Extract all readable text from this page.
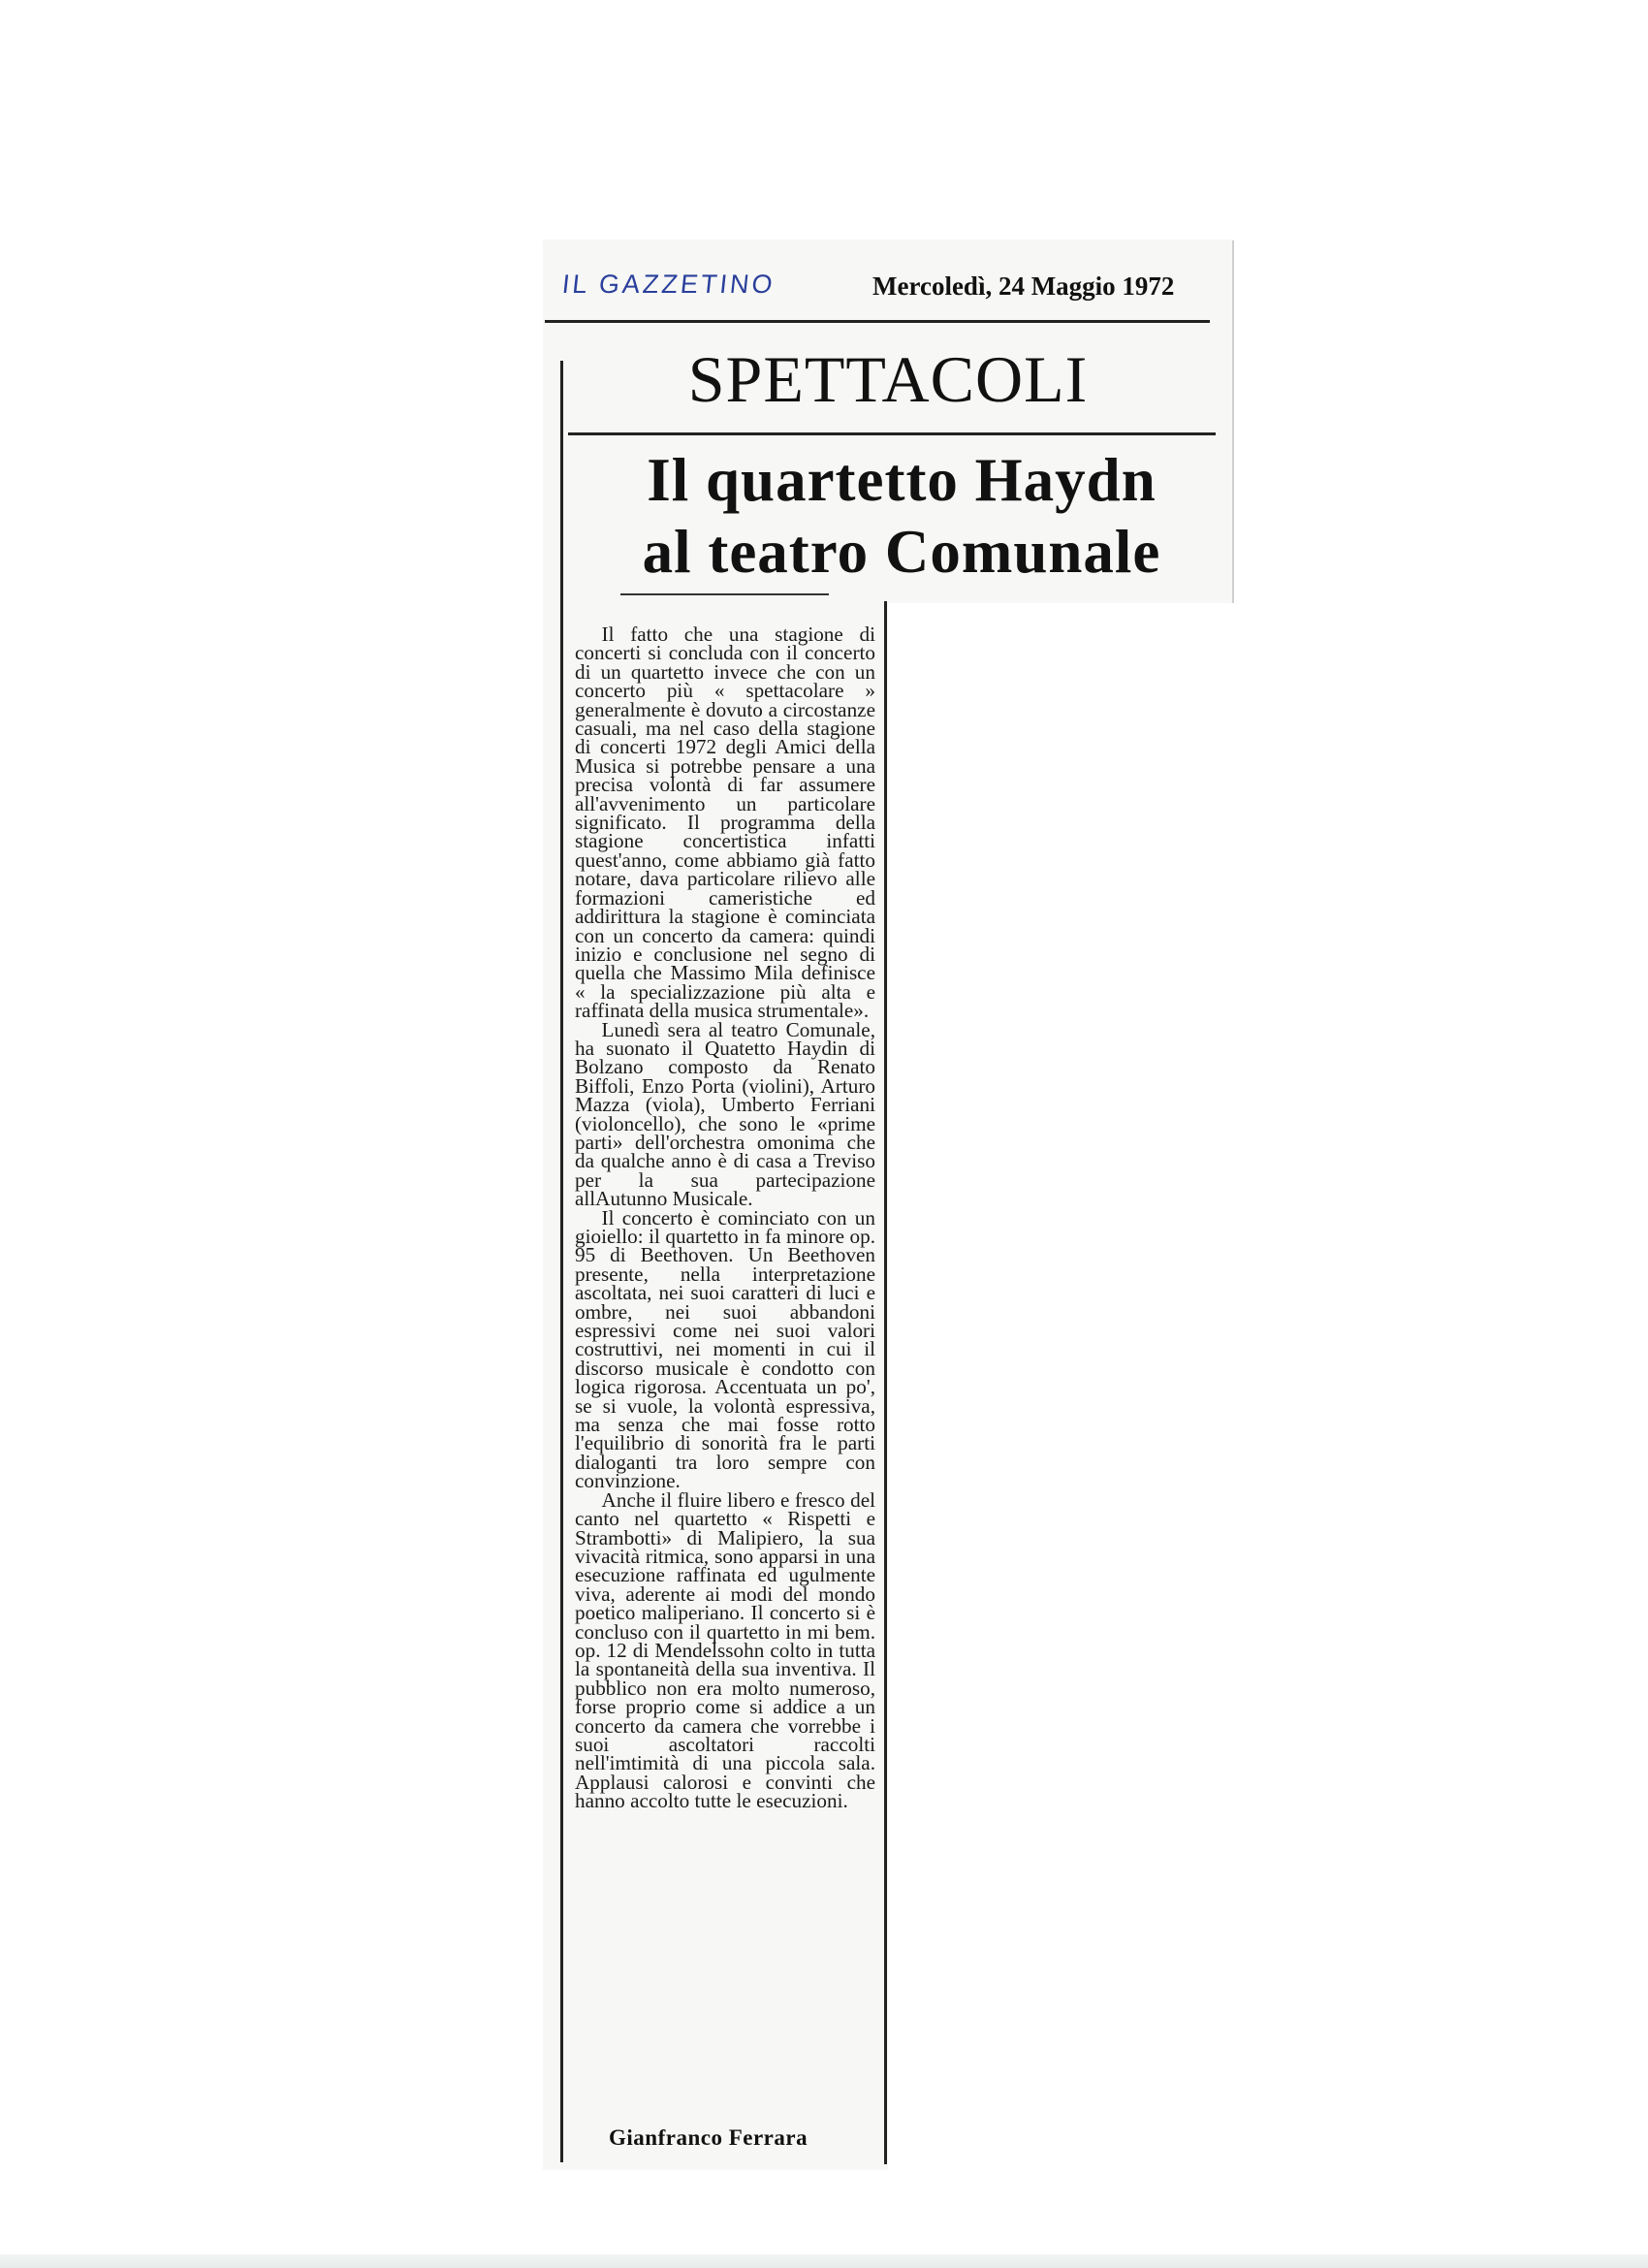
IL GAZZETINO	Mercoledì, 24 Maggio 1972
SPETTACOLI
Il quartetto Haydn
al teatro Comunale

Il fatto che una stagione di concerti si concluda con il concerto di un quartetto invece che con un concerto più « spettacolare » generalmente è dovuto a circostanze casuali, ma nel caso della stagione di concerti 1972 degli Amici della Musica si potrebbe pensare a una precisa volontà di far assumere all'avvenimento un particolare significato. Il programma della stagione concertistica infatti quest'anno, come abbiamo già fatto notare, dava particolare rilievo alle formazioni cameristiche ed addirittura la stagione è cominciata con un concerto da camera: quindi inizio e conclusione nel segno di quella che Massimo Mila definisce « la specializzazione più alta e raffinata della musica strumentale».

Lunedì sera al teatro Comunale, ha suonato il Quatetto Haydin di Bolzano composto da Renato Biffoli, Enzo Porta (violini), Arturo Mazza (viola), Umberto Ferriani (violoncello), che sono le «prime parti» dell'orchestra omonima che da qualche anno è di casa a Treviso per la sua partecipazione allAutunno Musicale.

Il concerto è cominciato con un gioiello: il quartetto in fa minore op. 95 di Beethoven. Un Beethoven presente, nella interpretazione ascoltata, nei suoi caratteri di luci e ombre, nei suoi abbandoni espressivi come nei suoi valori costruttivi, nei momenti in cui il discorso musicale è condotto con logica rigorosa. Accentuata un po', se si vuole, la volontà espressiva, ma senza che mai fosse rotto l'equilibrio di sonorità fra le parti dialoganti tra loro sempre con convinzione.

Anche il fluire libero e fresco del canto nel quartetto « Rispetti e Strambotti» di Malipiero, la sua vivacità ritmica, sono apparsi in una esecuzione raffinata ed ugulmente viva, aderente ai modi del mondo poetico maliperiano. Il concerto si è concluso con il quartetto in mi bem. op. 12 di Mendelssohn colto in tutta la spontaneità della sua inventiva. Il pubblico non era molto numeroso, forse proprio come si addice a un concerto da camera che vorrebbe i suoi ascoltatori raccolti nell'imtimità di una piccola sala. Applausi calorosi e convinti che hanno accolto tutte le esecuzioni.

Gianfranco Ferrara
